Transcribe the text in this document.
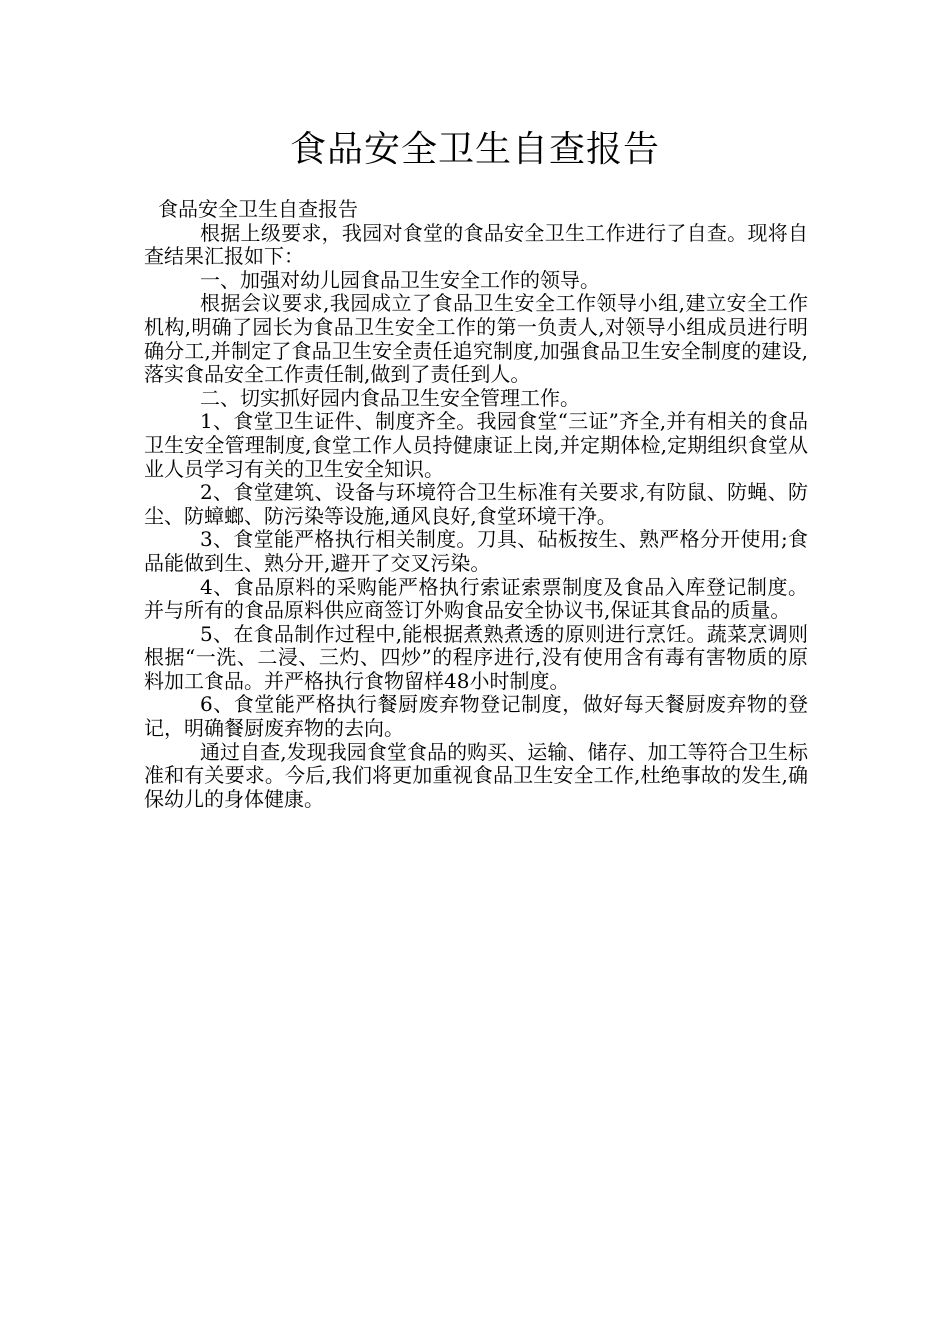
食品安全卫生自查报告

食品安全卫生自查报告

根据上级要求，我园对食堂的食品安全卫生工作进行了自查。现将自查结果汇报如下：

一、加强对幼儿园食品卫生安全工作的领导。

根据会议要求,我园成立了食品卫生安全工作领导小组,建立安全工作机构,明确了园长为食品卫生安全工作的第一负责人,对领导小组成员进行明确分工,并制定了食品卫生安全责任追究制度,加强食品卫生安全制度的建设,落实食品安全工作责任制,做到了责任到人。

二、切实抓好园内食品卫生安全管理工作。

1、食堂卫生证件、制度齐全。我园食堂“三证”齐全,并有相关的食品卫生安全管理制度,食堂工作人员持健康证上岗,并定期体检,定期组织食堂从业人员学习有关的卫生安全知识。

2、食堂建筑、设备与环境符合卫生标准有关要求,有防鼠、防蝇、防尘、防蟑螂、防污染等设施,通风良好,食堂环境干净。

3、食堂能严格执行相关制度。刀具、砧板按生、熟严格分开使用;食品能做到生、熟分开,避开了交叉污染。

4、食品原料的采购能严格执行索证索票制度及食品入库登记制度。并与所有的食品原料供应商签订外购食品安全协议书,保证其食品的质量。

5、在食品制作过程中,能根据煮熟煮透的原则进行烹饪。蔬菜烹调则根据“一洗、二浸、三灼、四炒”的程序进行,没有使用含有毒有害物质的原料加工食品。并严格执行食物留样48小时制度。

6、食堂能严格执行餐厨废弃物登记制度，做好每天餐厨废弃物的登记，明确餐厨废弃物的去向。

通过自查,发现我园食堂食品的购买、运输、储存、加工等符合卫生标准和有关要求。今后,我们将更加重视食品卫生安全工作,杜绝事故的发生,确保幼儿的身体健康。
